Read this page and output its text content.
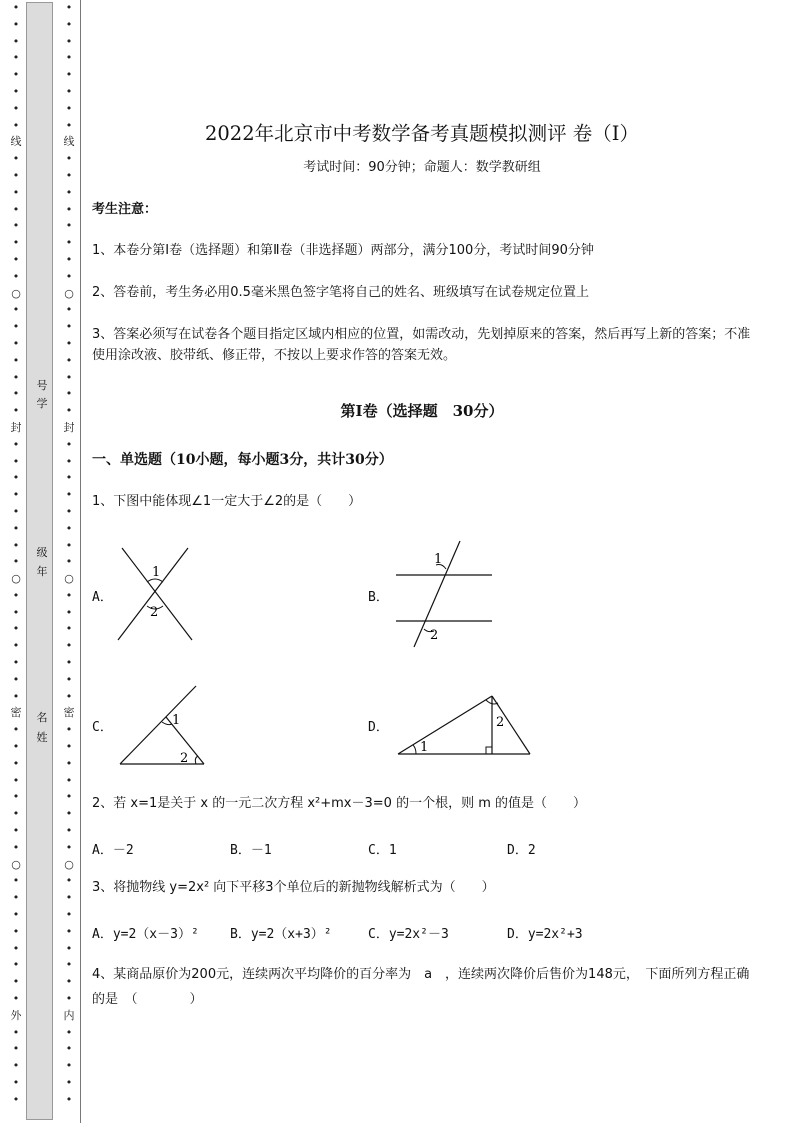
•
•
•
•
•
•
•
•
线
•
•
•
•
•
•
•
•
○
•
•
•
•
•
•
•
封
•
•
•
•
•
•
•
•
○
•
•
•
•
•
•
•
密
•
•
•
•
•
•
•
•
○
•
•
•
•
•
•
•
•
外
•
•
•
•
•
号
学
级
年
名
姓
•
•
•
•
•
•
•
•
线
•
•
•
•
•
•
•
•
○
•
•
•
•
•
•
•
封
•
•
•
•
•
•
•
•
○
•
•
•
•
•
•
•
密
•
•
•
•
•
•
•
•
○
•
•
•
•
•
•
•
•
内
•
•
•
•
•
2022年北京市中考数学备考真题模拟测评 卷（Ⅰ）
考试时间：90分钟；命题人：数学教研组
考生注意：
1、本卷分第Ⅰ卷（选择题）和第Ⅱ卷（非选择题）两部分，满分100分，考试时间90分钟
2、答卷前，考生务必用0.5毫米黑色签字笔将自己的姓名、班级填写在试卷规定位置上
3、答案必须写在试卷各个题目指定区域内相应的位置，如需改动，先划掉原来的答案，然后再写上新的答案；不准使用涂改液、胶带纸、修正带，不按以上要求作答的答案无效。
第Ⅰ卷（选择题　30分）
一、单选题（10小题，每小题3分，共计30分）
1、下图中能体现∠1一定大于∠2的是（　　）
A．
1
2
B．
1
2
C．	1
2
D．
1
2
2、若 x=1是关于 x 的一元二次方程 x²+mx－3=0 的一个根，则 m 的值是（　　）
A．－2	B．－1	C．1	D．2
3、将抛物线 y=2x² 向下平移3个单位后的新抛物线解析式为（　　）
A．y=2（x－3）² B．y=2（x+3）²	C．y=2x²－3	D．y=2x²+3
4、某商品原价为200元，连续两次平均降价的百分率为　a　，连续两次降价后售价为148元，　下面所列方程正确的是　（　　　　）
